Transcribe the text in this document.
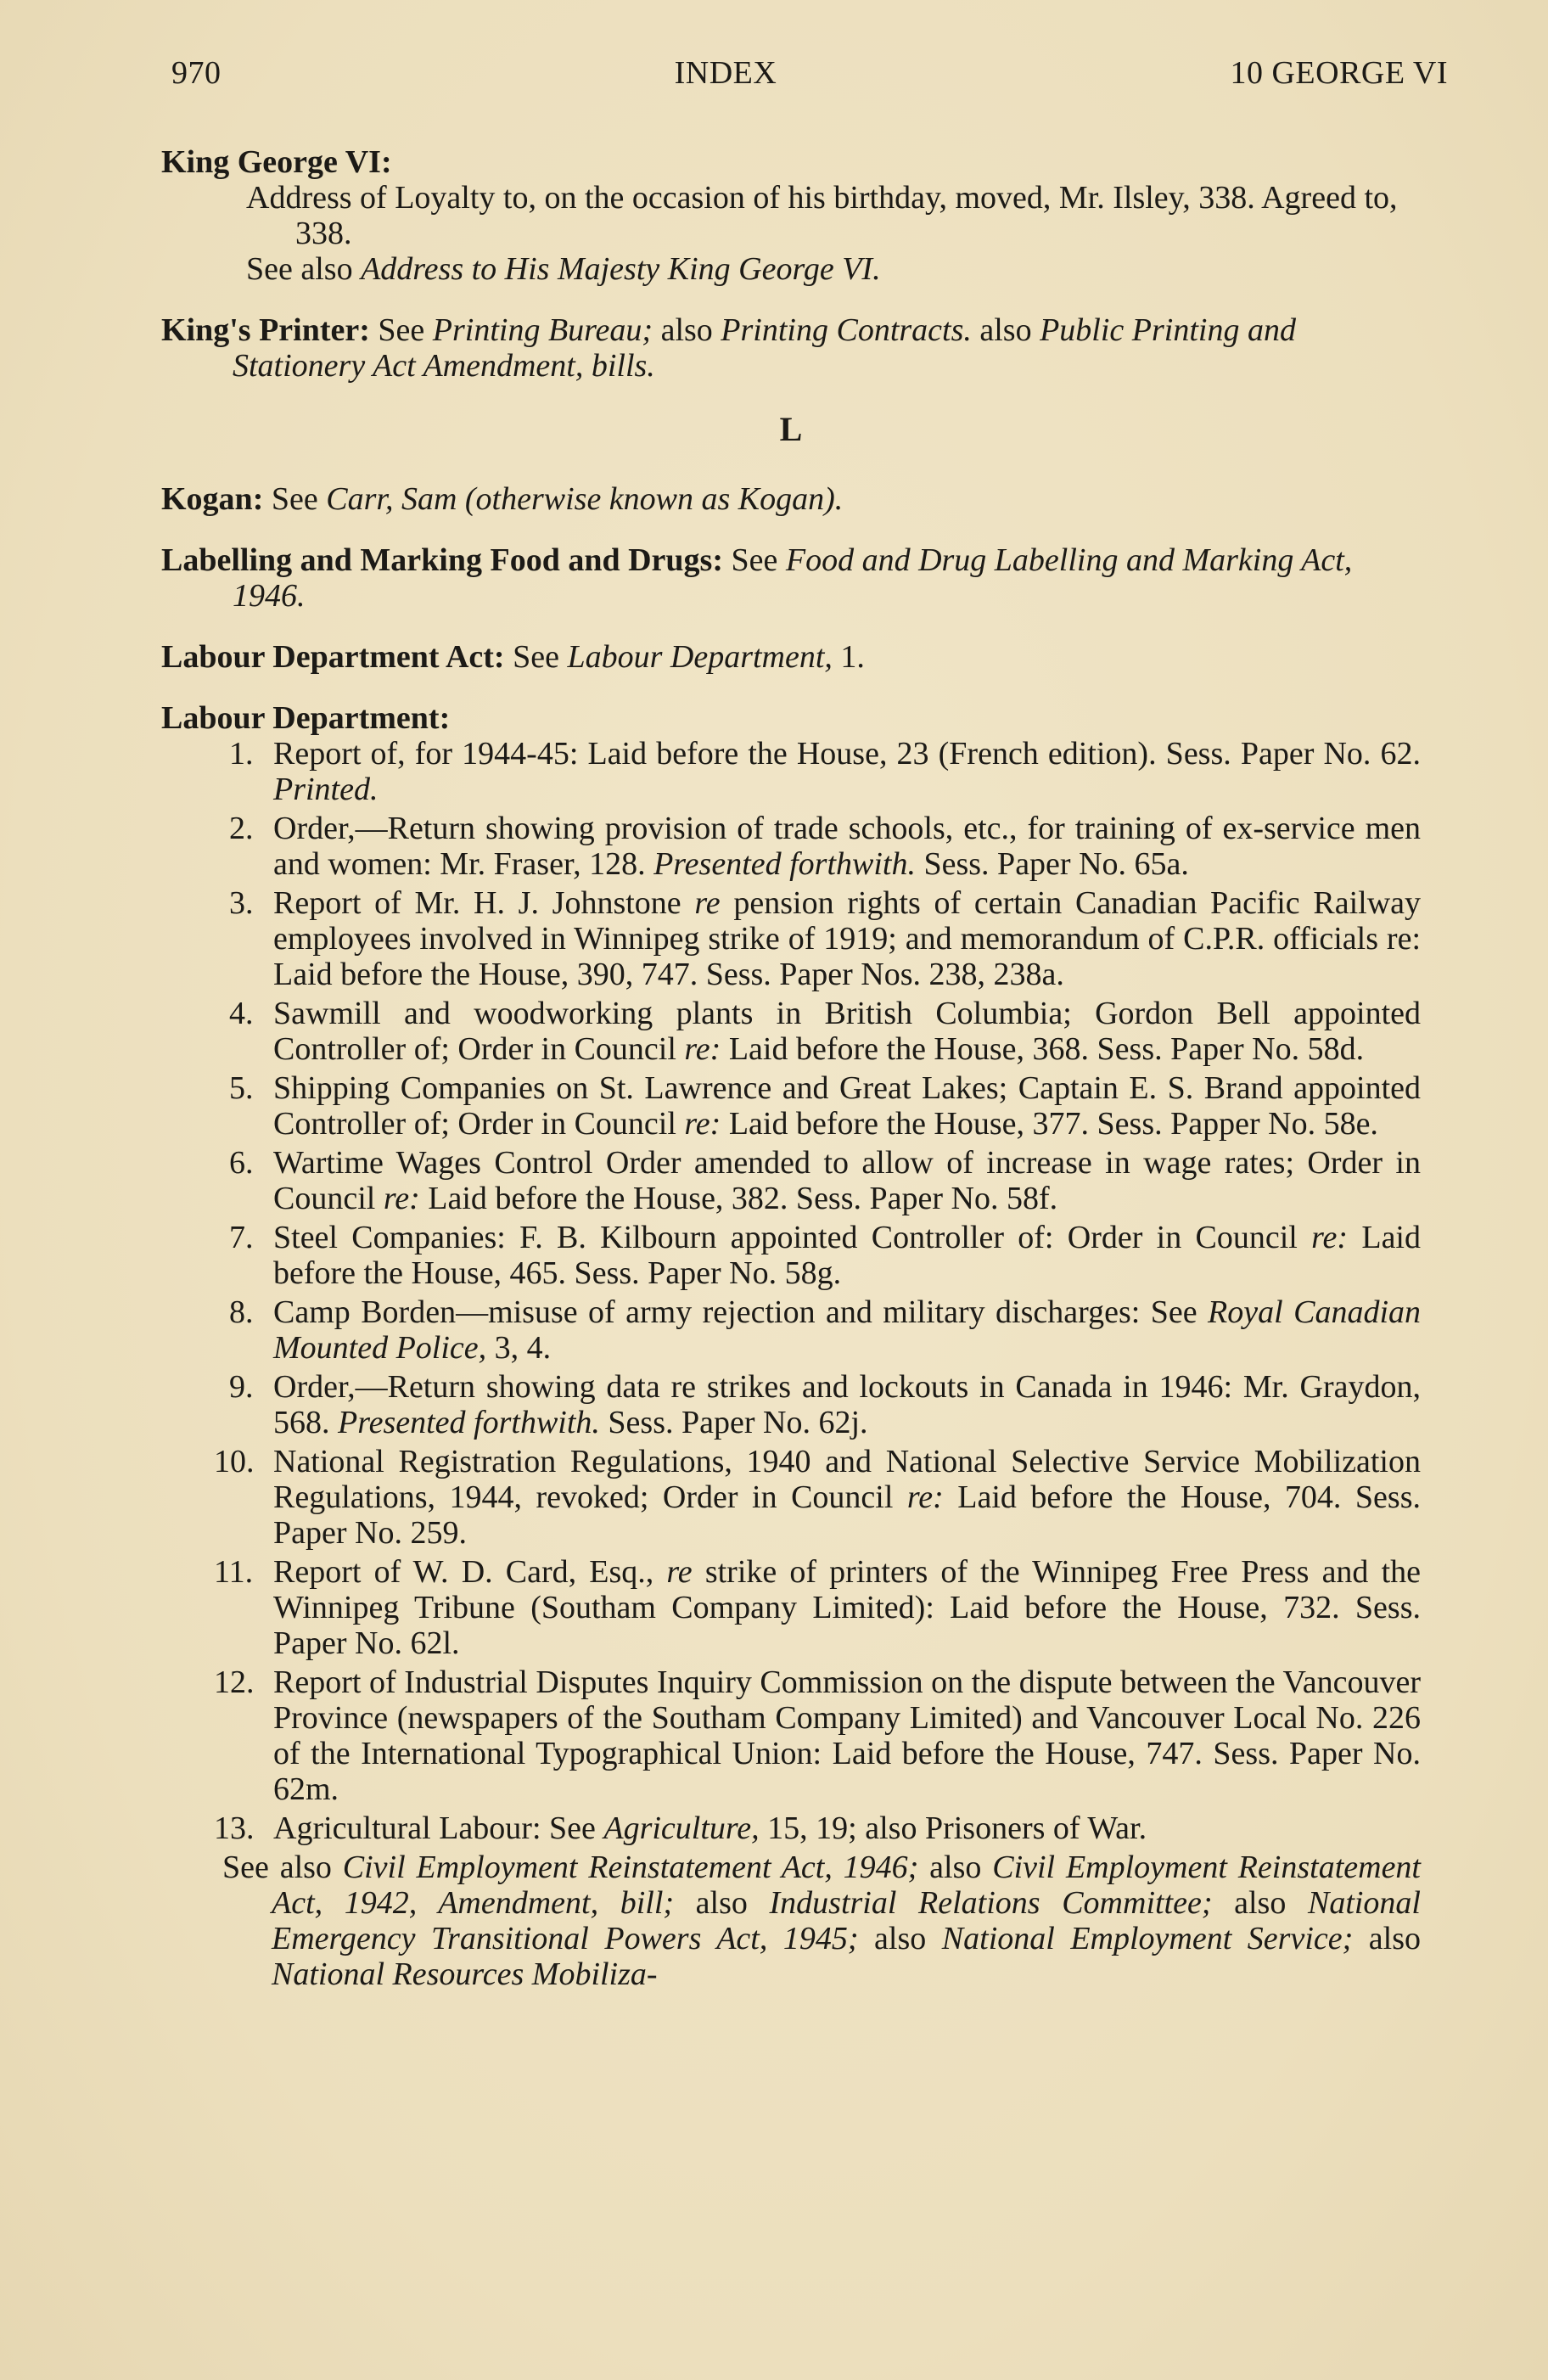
970	INDEX	10 GEORGE VI
King George VI:
Address of Loyalty to, on the occasion of his birthday, moved, Mr. Ilsley, 338. Agreed to, 338.
See also Address to His Majesty King George VI.
King's Printer: See Printing Bureau; also Printing Contracts. also Public Printing and Stationery Act Amendment, bills.
L
Kogan: See Carr, Sam (otherwise known as Kogan).
Labelling and Marking Food and Drugs: See Food and Drug Labelling and Marking Act, 1946.
Labour Department Act: See Labour Department, 1.
Labour Department:
1. Report of, for 1944-45: Laid before the House, 23 (French edition). Sess. Paper No. 62. Printed.
2. Order,—Return showing provision of trade schools, etc., for training of ex-service men and women: Mr. Fraser, 128. Presented forthwith. Sess. Paper No. 65a.
3. Report of Mr. H. J. Johnstone re pension rights of certain Canadian Pacific Railway employees involved in Winnipeg strike of 1919; and memorandum of C.P.R. officials re: Laid before the House, 390, 747. Sess. Paper Nos. 238, 238a.
4. Sawmill and woodworking plants in British Columbia; Gordon Bell appointed Controller of; Order in Council re: Laid before the House, 368. Sess. Paper No. 58d.
5. Shipping Companies on St. Lawrence and Great Lakes; Captain E. S. Brand appointed Controller of; Order in Council re: Laid before the House, 377. Sess. Papper No. 58e.
6. Wartime Wages Control Order amended to allow of increase in wage rates; Order in Council re: Laid before the House, 382. Sess. Paper No. 58f.
7. Steel Companies: F. B. Kilbourn appointed Controller of: Order in Council re: Laid before the House, 465. Sess. Paper No. 58g.
8. Camp Borden—misuse of army rejection and military discharges: See Royal Canadian Mounted Police, 3, 4.
9. Order,—Return showing data re strikes and lockouts in Canada in 1946: Mr. Graydon, 568. Presented forthwith. Sess. Paper No. 62j.
10. National Registration Regulations, 1940 and National Selective Service Mobilization Regulations, 1944, revoked; Order in Council re: Laid before the House, 704. Sess. Paper No. 259.
11. Report of W. D. Card, Esq., re strike of printers of the Winnipeg Free Press and the Winnipeg Tribune (Southam Company Limited): Laid before the House, 732. Sess. Paper No. 62l.
12. Report of Industrial Disputes Inquiry Commission on the dispute between the Vancouver Province (newspapers of the Southam Company Limited) and Vancouver Local No. 226 of the International Typographical Union: Laid before the House, 747. Sess. Paper No. 62m.
13. Agricultural Labour: See Agriculture, 15, 19; also Prisoners of War.
See also Civil Employment Reinstatement Act, 1946; also Civil Employment Reinstatement Act, 1942, Amendment, bill; also Industrial Relations Committee; also National Emergency Transitional Powers Act, 1945; also National Employment Service; also National Resources Mobiliza-
